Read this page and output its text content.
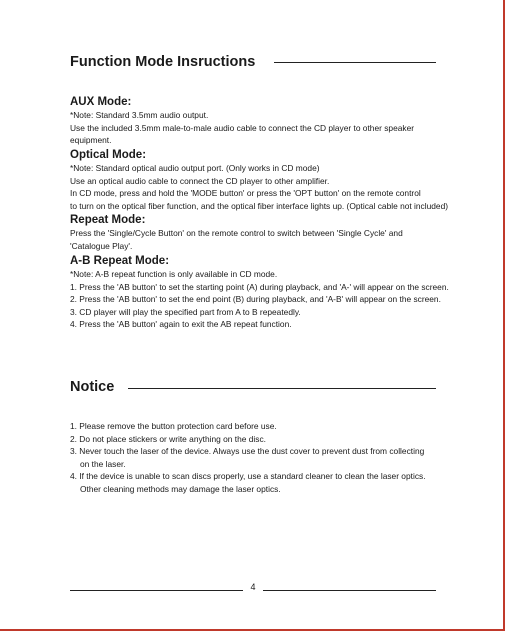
Function Mode Insructions

AUX Mode:

*Note: Standard 3.5mm audio output.

Use the included 3.5mm male-to-male audio cable to connect the CD player to other speaker

equipment.

Optical Mode:

*Note: Standard optical audio output port. (Only works in CD mode)

Use an optical audio cable to connect the CD player to other amplifier.

In CD mode, press and hold the 'MODE button' or press the 'OPT button' on the remote control

to turn on the optical fiber function, and the optical fiber interface lights up. (Optical cable not included)

Repeat Mode:

Press the 'Single/Cycle Button' on the remote control to switch between 'Single Cycle' and

'Catalogue Play'.

A-B Repeat Mode:

*Note: A-B repeat function is only available in CD mode.

1. Press the 'AB button' to set the starting point (A) during playback, and 'A-' will appear on the screen.

2. Press the 'AB button' to set the end point (B) during playback, and 'A-B' will appear on the screen.

3. CD player will play the specified part from A to B repeatedly.

4. Press the 'AB button' again to exit the AB repeat function.

Notice

1. Please remove the button protection card before use.

2. Do not place stickers or write anything on the disc.

3. Never touch the laser of the device. Always use the dust cover to prevent dust from collecting

on the laser.

4. If the device is unable to scan discs properly, use a standard cleaner to clean the laser optics.

Other cleaning methods may damage the laser optics.

4
